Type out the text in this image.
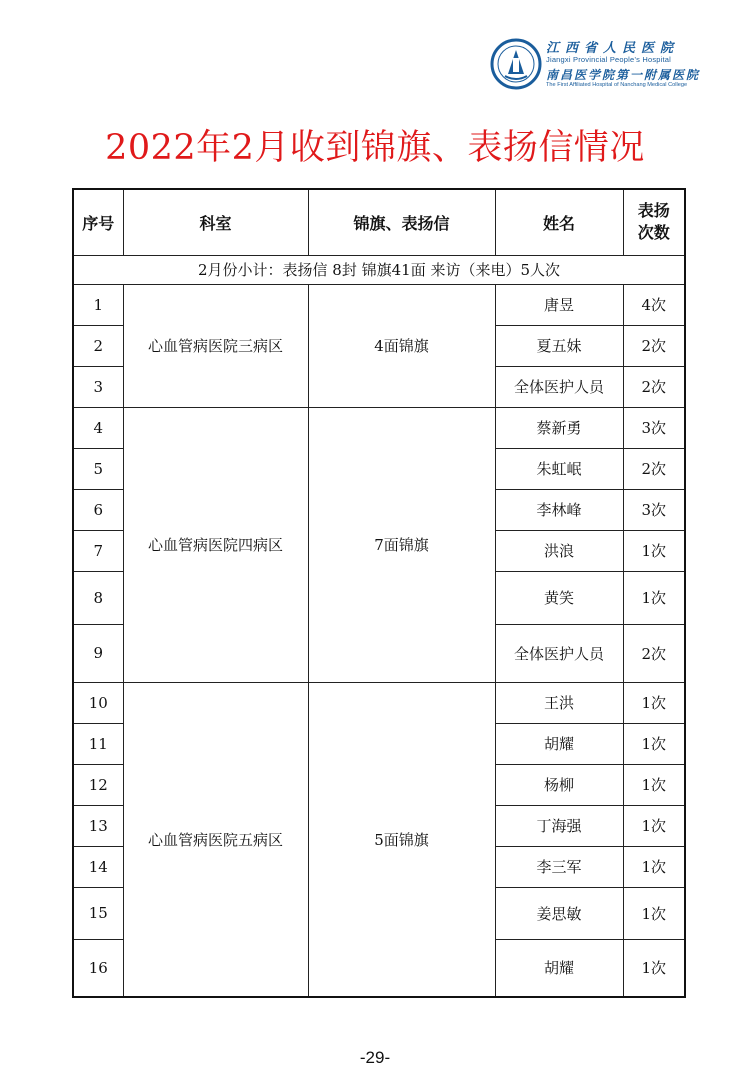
江西省人民医院
Jiangxi Provincial People’s Hospital
南昌医学院第一附属医院
The First Affiliated Hospital of Nanchang Medical College
2022年2月收到锦旗、表扬信情况
序号	科室	锦旗、表扬信	姓名	表扬
次数

2月份小计：表扬信 8封 锦旗41面 来访（来电）5人次				
1	心血管病医院三病区	4面锦旗	唐昱	4次
2			夏五妹	2次
3			全体医护人员	2次
4	心血管病医院四病区	7面锦旗	蔡新勇	3次
5			朱虹岷	2次
6			李林峰	3次
7			洪浪	1次
8			黄笑	1次
9			全体医护人员	2次
10	心血管病医院五病区	5面锦旗	王洪	1次
11			胡耀	1次
12			杨柳	1次
13			丁海强	1次
14			李三军	1次
15			姜思敏	1次
16			胡耀	1次
-29-
